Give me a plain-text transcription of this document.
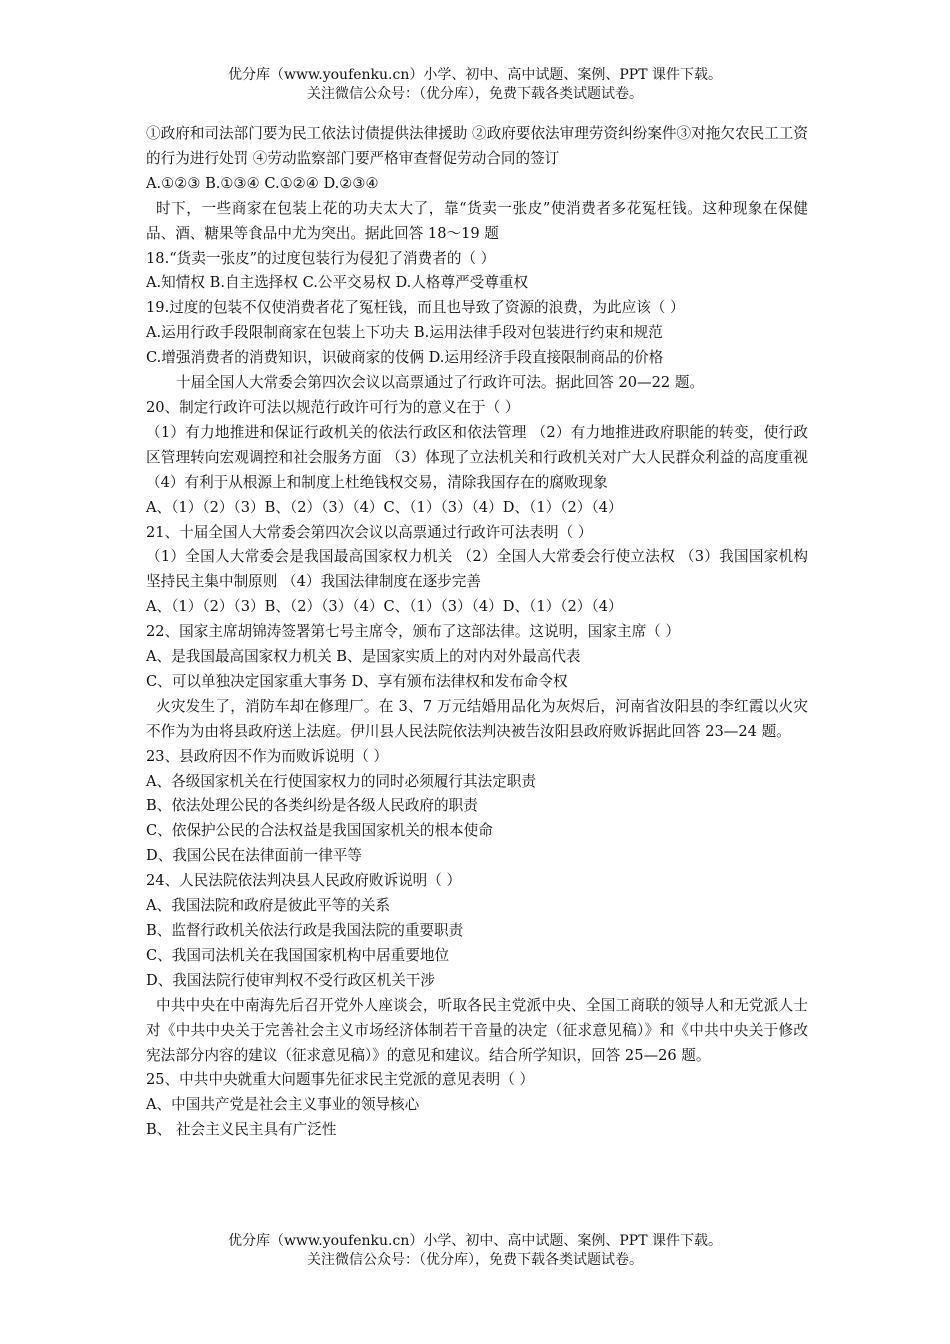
优分库（www.youfenku.cn）小学、初中、高中试题、案例、PPT 课件下载。
关注微信公众号：（优分库），免费下载各类试题试卷。

①政府和司法部门要为民工依法讨债提供法律援助 ②政府要依法审理劳资纠纷案件③对拖欠农民工工资的行为进行处罚 ④劳动监察部门要严格审查督促劳动合同的签订

A.①②③ B.①③④ C.①②④ D.②③④

时下，一些商家在包装上花的功夫太大了，靠“货卖一张皮”使消费者多花冤枉钱。这种现象在保健品、酒、糖果等食品中尤为突出。据此回答 18～19 题

18.“货卖一张皮”的过度包装行为侵犯了消费者的（ ）

A.知情权 B.自主选择权 C.公平交易权 D.人格尊严受尊重权

19.过度的包装不仅使消费者花了冤枉钱，而且也导致了资源的浪费，为此应该（ ）

A.运用行政手段限制商家在包装上下功夫 B.运用法律手段对包装进行约束和规范

C.增强消费者的消费知识，识破商家的伎俩 D.运用经济手段直接限制商品的价格

十届全国人大常委会第四次会议以高票通过了行政许可法。据此回答 20—22 题。

20、制定行政许可法以规范行政许可行为的意义在于（ ）

（1）有力地推进和保证行政机关的依法行政区和依法管理 （2）有力地推进政府职能的转变，使行政区管理转向宏观调控和社会服务方面 （3）体现了立法机关和行政机关对广大人民群众利益的高度重视 （4）有利于从根源上和制度上杜绝钱权交易，清除我国存在的腐败现象

A、（1）（2）（3）B、（2）（3）（4）C、（1）（3）（4）D、（1）（2）（4）

21、十届全国人大常委会第四次会议以高票通过行政许可法表明（ ）

（1）全国人大常委会是我国最高国家权力机关 （2）全国人大常委会行使立法权 （3）我国国家机构坚持民主集中制原则 （4）我国法律制度在逐步完善

A、（1）（2）（3）B、（2）（3）（4）C、（1）（3）（4）D、（1）（2）（4）

22、国家主席胡锦涛签署第七号主席令，颁布了这部法律。这说明，国家主席（ ）

A、是我国最高国家权力机关 B、是国家实质上的对内对外最高代表

C、可以单独决定国家重大事务 D、享有颁布法律权和发布命令权

火灾发生了，消防车却在修理厂。在 3、7 万元结婚用品化为灰烬后，河南省汝阳县的李红霞以火灾不作为为由将县政府送上法庭。伊川县人民法院依法判决被告汝阳县政府败诉据此回答 23—24 题。

23、县政府因不作为而败诉说明（ ）

A、各级国家机关在行使国家权力的同时必须履行其法定职责

B、依法处理公民的各类纠纷是各级人民政府的职责

C、依保护公民的合法权益是我国国家机关的根本使命

D、我国公民在法律面前一律平等

24、人民法院依法判决县人民政府败诉说明（ ）

A、我国法院和政府是彼此平等的关系

B、监督行政机关依法行政是我国法院的重要职责

C、我国司法机关在我国国家机构中居重要地位

D、我国法院行使审判权不受行政区机关干涉

中共中央在中南海先后召开党外人座谈会，听取各民主党派中央、全国工商联的领导人和无党派人士对《中共中央关于完善社会主义市场经济体制若干音量的决定（征求意见稿）》和《中共中央关于修改宪法部分内容的建议（征求意见稿）》的意见和建议。结合所学知识，回答 25—26 题。

25、中共中央就重大问题事先征求民主党派的意见表明（ ）

A、中国共产党是社会主义事业的领导核心

B、 社会主义民主具有广泛性

优分库（www.youfenku.cn）小学、初中、高中试题、案例、PPT 课件下载。
关注微信公众号：（优分库），免费下载各类试题试卷。
